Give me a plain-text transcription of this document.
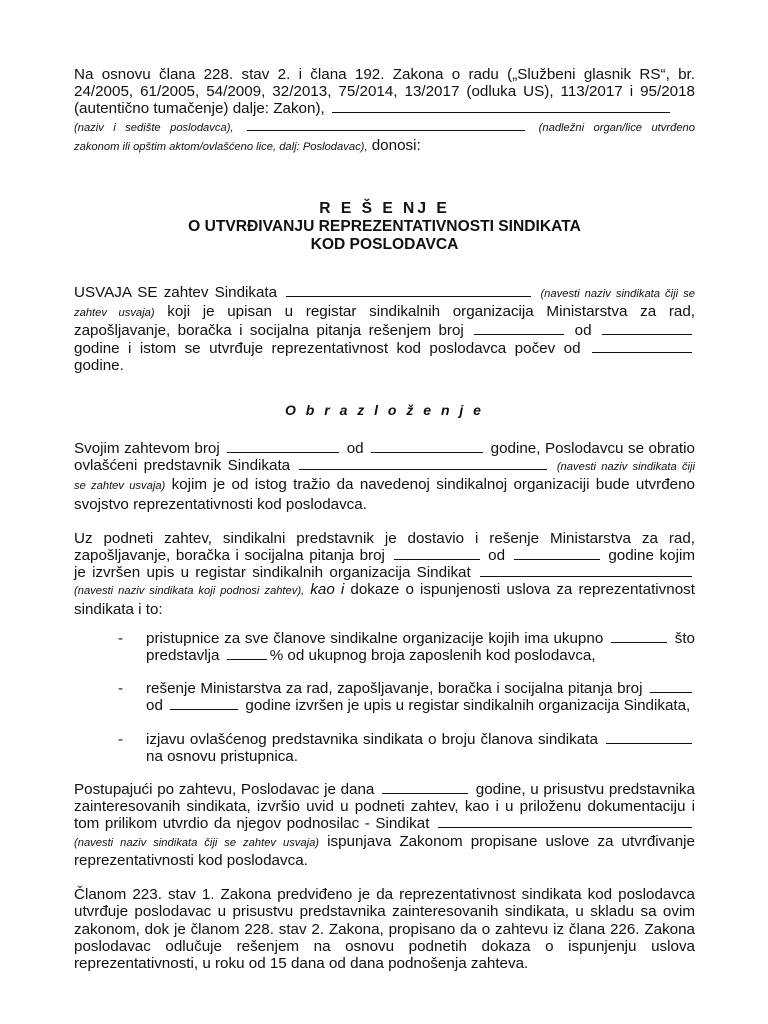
Na osnovu člana 228. stav 2. i člana 192. Zakona o radu („Službeni glasnik RS“, br. 24/2005, 61/2005, 54/2009, 32/2013, 75/2014, 13/2017 (odluka US), 113/2017 i 95/2018 (autentično tumačenje) dalje: Zakon),
(naziv i sedište poslodavca),	(nadležni organ/lice utvrđeno zakonom ili opštim aktom/ovlašćeno lice, dalj: Poslodavac), donosi:

R E Š E NJ E
O UTVRĐIVANJU REPREZENTATIVNOSTI SINDIKATA
KOD POSLODAVCA

USVAJA SE zahtev Sindikata	(navesti naziv sindikata čiji se zahtev usvaja) koji je upisan u registar sindikalnih organizacija Ministarstva za rad, zapošljavanje, boračka i socijalna pitanja rešenjem broj	od  godine i istom se utvrđuje reprezentativnost kod poslodavca počev od  godine.

O b r a z l o ž e n j e

Svojim zahtevom broj	od	godine, Poslodavcu se obratio ovlašćeni predstavnik Sindikata	(navesti naziv sindikata čiji se zahtev usvaja) kojim je od istog tražio da navedenoj sindikalnoj organizaciji bude utvrđeno svojstvo reprezentativnosti kod poslodavca.

Uz podneti zahtev, sindikalni predstavnik je dostavio i rešenje Ministarstva za rad, zapošljavanje, boračka i socijalna pitanja broj	od	godine kojim je izvršen upis u registar sindikalnih organizacija Sindikat  (navesti naziv sindikata koji podnosi zahtev), kao i dokaze o ispunjenosti uslova za reprezentativnost sindikata i to:

- pristupnice za sve članove sindikalne organizacije kojih ima ukupno	što predstavlja	% od ukupnog broja zaposlenih kod poslodavca,
- rešenje Ministarstva za rad, zapošljavanje, boračka i socijalna pitanja broj  od	godine izvršen je upis u registar sindikalnih organizacija Sindikata,
- izjavu ovlašćenog predstavnika sindikata o broju članova sindikata  na osnovu pristupnica.

Postupajući po zahtevu, Poslodavac je dana	godine, u prisustvu predstavnika zainteresovanih sindikata, izvršio uvid u podneti zahtev, kao i u priloženu dokumentaciju i tom prilikom utvrdio da njegov podnosilac - Sindikat  (navesti naziv sindikata čiji se zahtev usvaja) ispunjava Zakonom propisane uslove za utvrđivanje reprezentativnosti kod poslodavca.

Članom 223. stav 1. Zakona predviđeno je da reprezentativnost sindikata kod poslodavca utvrđuje poslodavac u prisustvu predstavnika zainteresovanih sindikata, u skladu sa ovim zakonom, dok je članom 228. stav 2. Zakona, propisano da o zahtevu iz člana 226. Zakona poslodavac odlučuje rešenjem na osnovu podnetih dokaza o ispunjenju uslova reprezentativnosti, u roku od 15 dana od dana podnošenja zahteva.
